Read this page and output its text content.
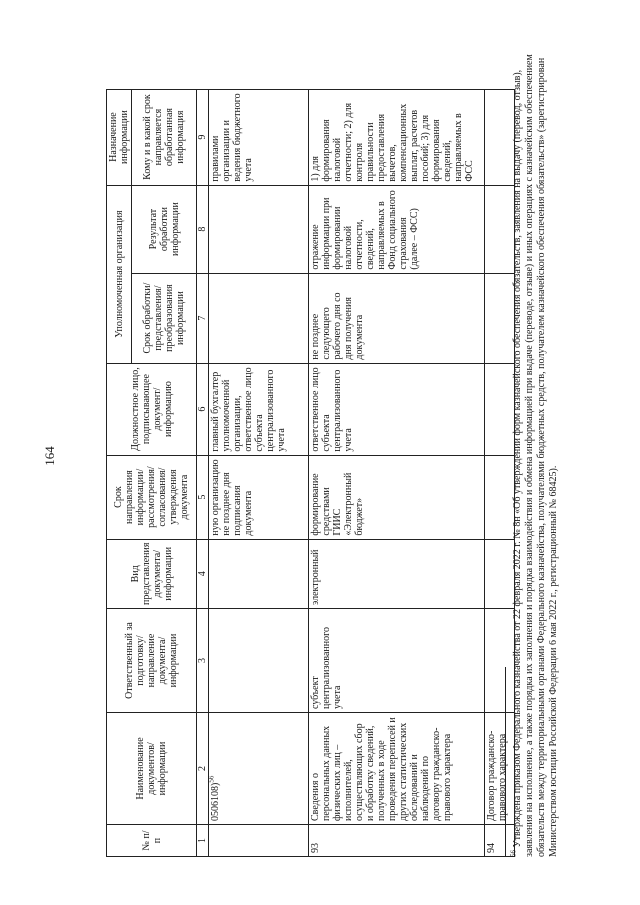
164
№ п/п	Наименование документов/ информации	Ответственный за подготовку/ направление документа/ информации	Вид представления документа/ информации	Срок направления информации/ рассмотрения/ согласования/ утверждения документа	Должностное лицо, подписывающее документ/ информацию	Уполномоченная организация		Назначение информации
						Срок обработки/ представления/ преобразования информации	Результат обработки информации	Кому и в какой срок направляется обработанная информация
1	2	3	4	5	6	7	8	9
	0506108)$^{56}$			ную организацию не позднее дня подписания документа	главный бухгалтер уполномоченной организации, ответственное лицо субъекта централизованного учета			правилами организации и ведения бюджетного учета
93	Сведения о персональных данных физических лиц – исполнителей, осуществляющих сбор и обработку сведений, полученных в ходе проведения переписей и других статистических обследований и наблюдений по договору гражданско-правового характера	субъект централизованного учета	электронный	формирование средствами ГИИС «Электронный бюджет»	ответственное лицо субъекта централизованного учета	не позднее следующего рабочего дня со дня получения документа	отражение информации при формировании налоговой отчетности, сведений, направляемых в Фонд социального страхования (далее – ФСС)	1) для формирования налоговой отчетности; 2) для контроля правильности предоставления вычетов, компенсационных выплат, расчетов пособий; 3) для формирования сведений, направляемых в ФСС
94	Договор гражданско-правового характера							
$^{56}$ Утверждена приказом Федерального казначейства от 22 февраля 2022 г. № 8н «Об утверждении форм казначейского обеспечения обязательств, заявления на выдачу (перевод, отзыв), заявления на исполнение, а также порядка их заполнения и порядка взаимодействия и обмена информацией при выдаче (переводе, отзыве) и иных операциях с казначейским обеспечением обязательств между территориальными органами Федерального казначейства, получателями бюджетных средств, получателем казначейского обеспечения обязательств» (зарегистрирован Министерством юстиции Российской Федерации 6 мая 2022 г., регистрационный № 68425).
